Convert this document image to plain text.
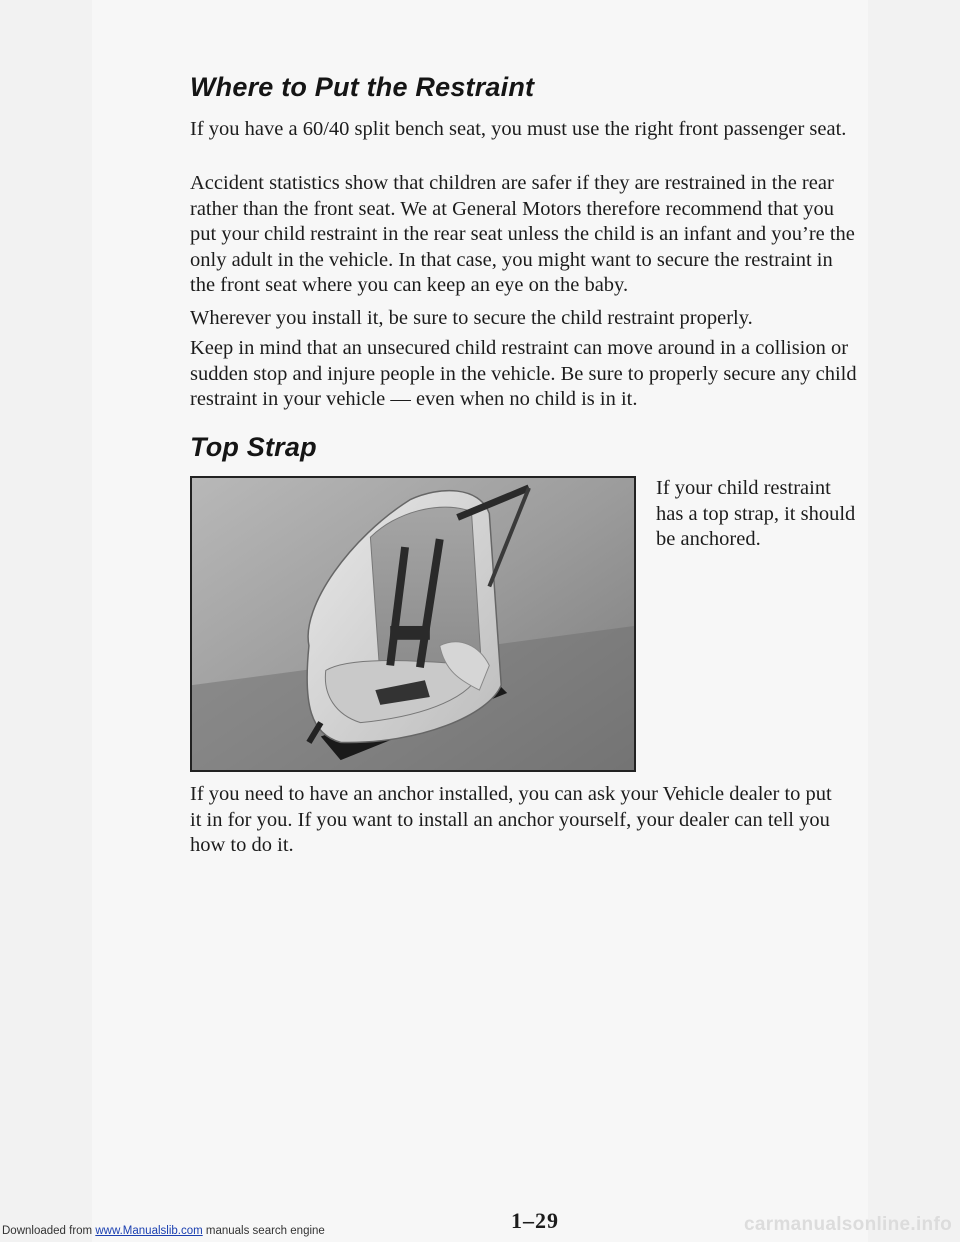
Where to Put the Restraint

If you have a 60/40 split bench seat, you must use the right front passenger seat.

Accident statistics show that children are safer if they are restrained in the rear rather than the front seat. We at General Motors therefore recommend that you put your child restraint in the rear seat unless the child is an infant and you’re the only adult in the vehicle. In that case, you might want to secure the restraint in the front seat where you can keep an eye on the baby.

Wherever you install it, be sure to secure the child restraint properly.

Keep in mind that an unsecured child restraint can move around in a collision or sudden stop and injure people in the vehicle. Be sure to properly secure any child restraint in your vehicle — even when no child is in it.

Top Strap

If your child restraint has a top strap, it should be anchored.

If you need to have an anchor installed, you can ask your Vehicle dealer to put it in for you. If you want to install an anchor yourself, your dealer can tell you how to do it.

1–29
Downloaded from www.Manualslib.com manuals search engine	carmanualsonline.info
